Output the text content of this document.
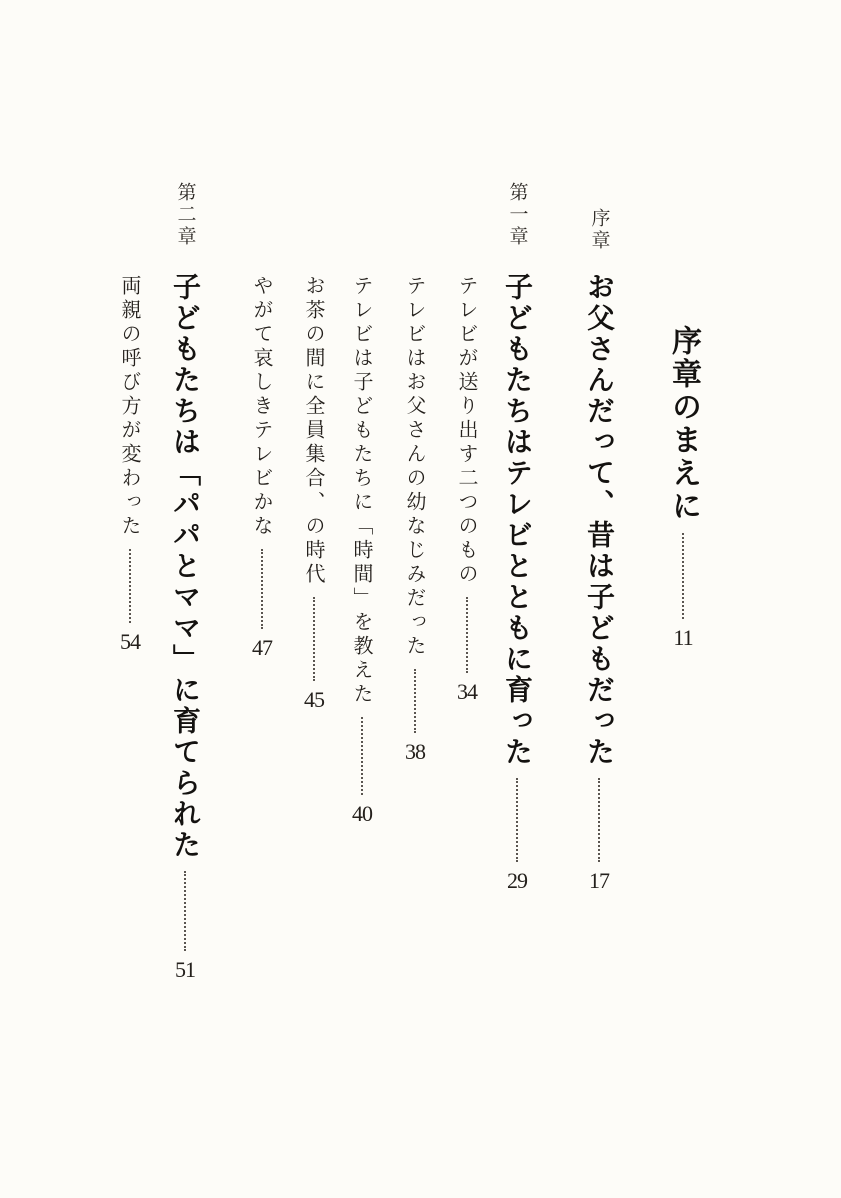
序章のまえに
11
序章
お父さんだって、昔は子どもだった
17
第一章
子どもたちはテレビとともに育った
29
テレビが送り出す二つのもの
34
テレビはお父さんの幼なじみだった
38
テレビは子どもたちに「時間」を教えた
40
お茶の間に全員集合、の時代
45
やがて哀しきテレビかな
47
第二章
子どもたちは「パパとママ」に育てられた
51
両親の呼び方が変わった
54
